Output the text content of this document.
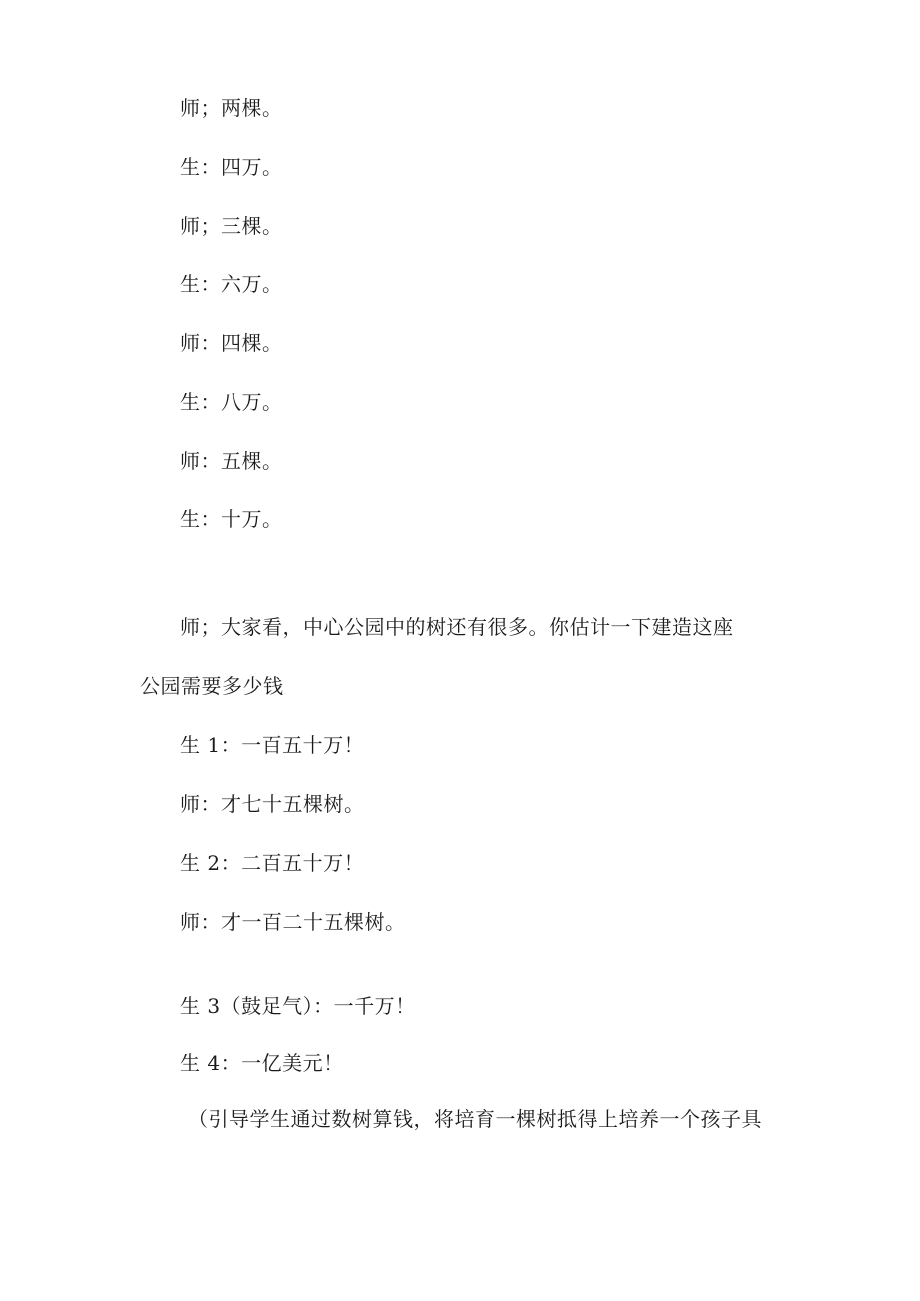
师；两棵。

生：四万。

师；三棵。

生：六万。

师：四棵。

生：八万。

师：五棵。

生：十万。

师；大家看，中心公园中的树还有很多。你估计一下建造这座

公园需要多少钱

生 1：一百五十万！

师：才七十五棵树。

生 2：二百五十万！

师：才一百二十五棵树。

生 3（鼓足气）：一千万！

生 4：一亿美元！

（引导学生通过数树算钱，将培育一棵树抵得上培养一个孩子具
